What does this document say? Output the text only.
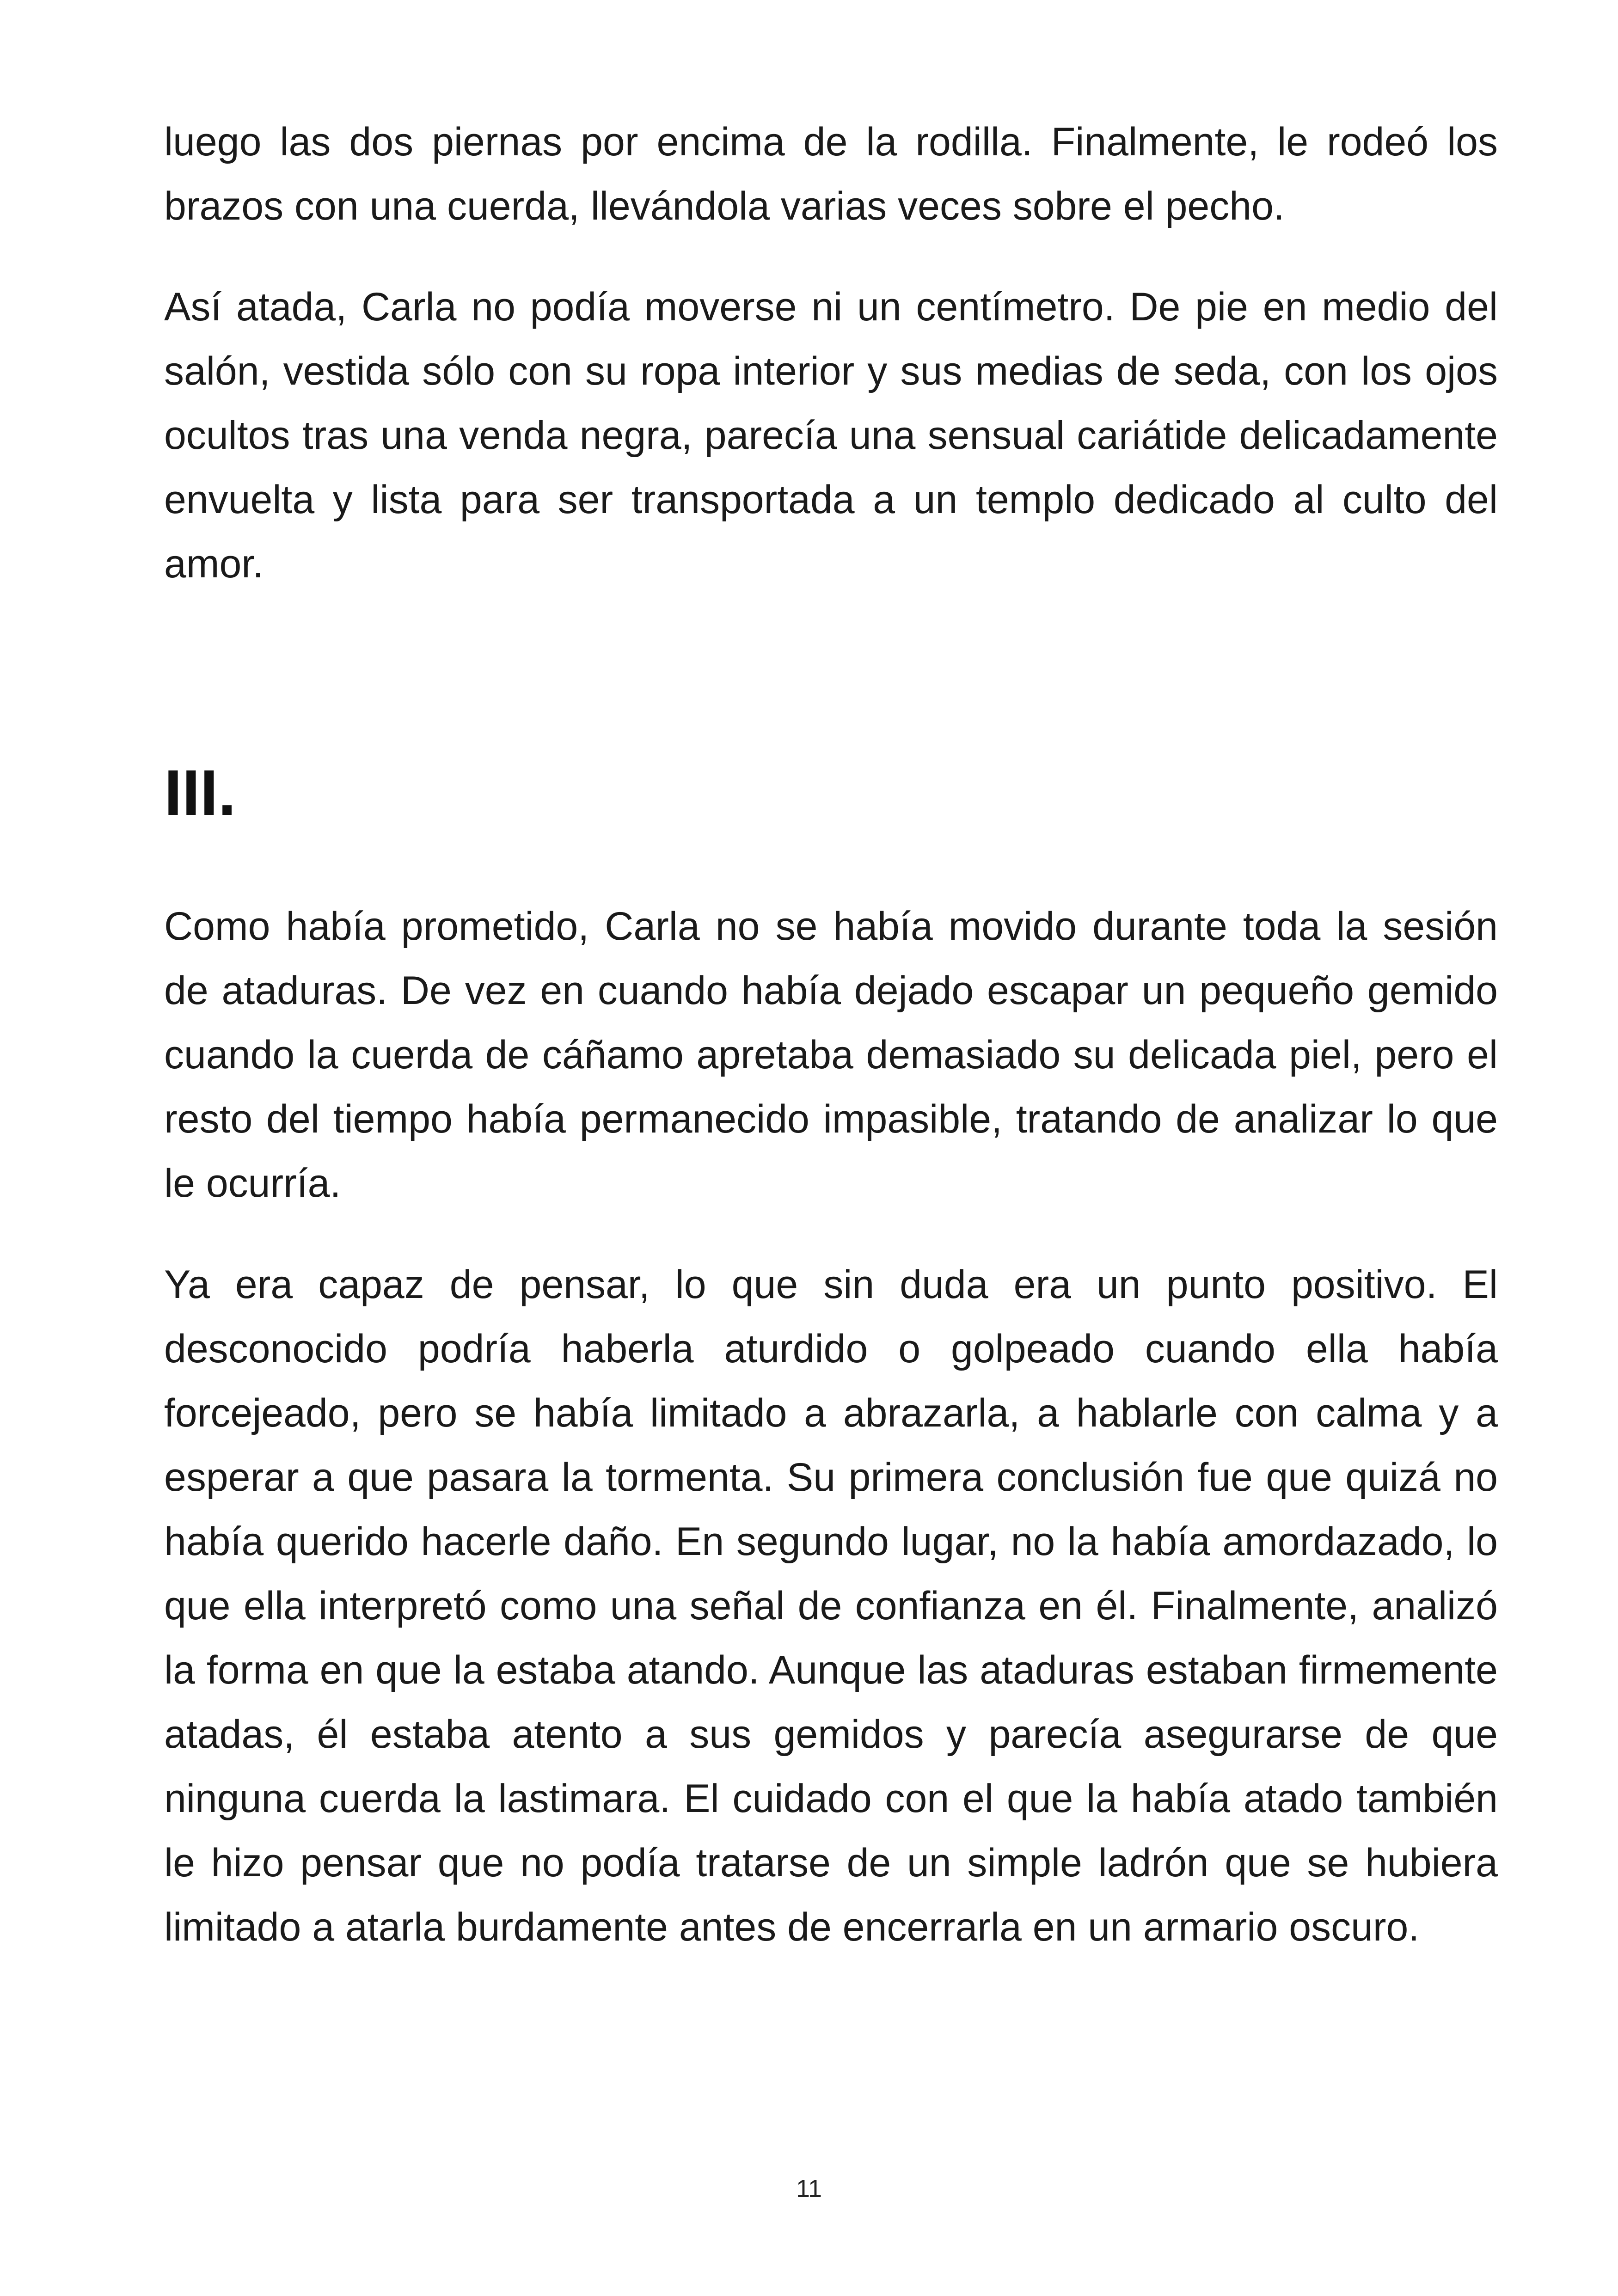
luego las dos piernas por encima de la rodilla. Finalmente, le rodeó los brazos con una cuerda, llevándola varias veces sobre el pecho.

Así atada, Carla no podía moverse ni un centímetro. De pie en medio del salón, vestida sólo con su ropa interior y sus medias de seda, con los ojos ocultos tras una venda negra, parecía una sensual cariátide delicadamente envuelta y lista para ser transportada a un templo dedicado al culto del amor.

III.

Como había prometido, Carla no se había movido durante toda la sesión de ataduras. De vez en cuando había dejado escapar un pequeño gemido cuando la cuerda de cáñamo apretaba demasiado su delicada piel, pero el resto del tiempo había permanecido impasible, tratando de analizar lo que le ocurría.

Ya era capaz de pensar, lo que sin duda era un punto positivo. El desconocido podría haberla aturdido o golpeado cuando ella había forcejeado, pero se había limitado a abrazarla, a hablarle con calma y a esperar a que pasara la tormenta. Su primera conclusión fue que quizá no había querido hacerle daño. En segundo lugar, no la había amordazado, lo que ella interpretó como una señal de confianza en él. Finalmente, analizó la forma en que la estaba atando. Aunque las ataduras estaban firmemente atadas, él estaba atento a sus gemidos y parecía asegurarse de que ninguna cuerda la lastimara. El cuidado con el que la había atado también le hizo pensar que no podía tratarse de un simple ladrón que se hubiera limitado a atarla burdamente antes de encerrarla en un armario oscuro.

11
